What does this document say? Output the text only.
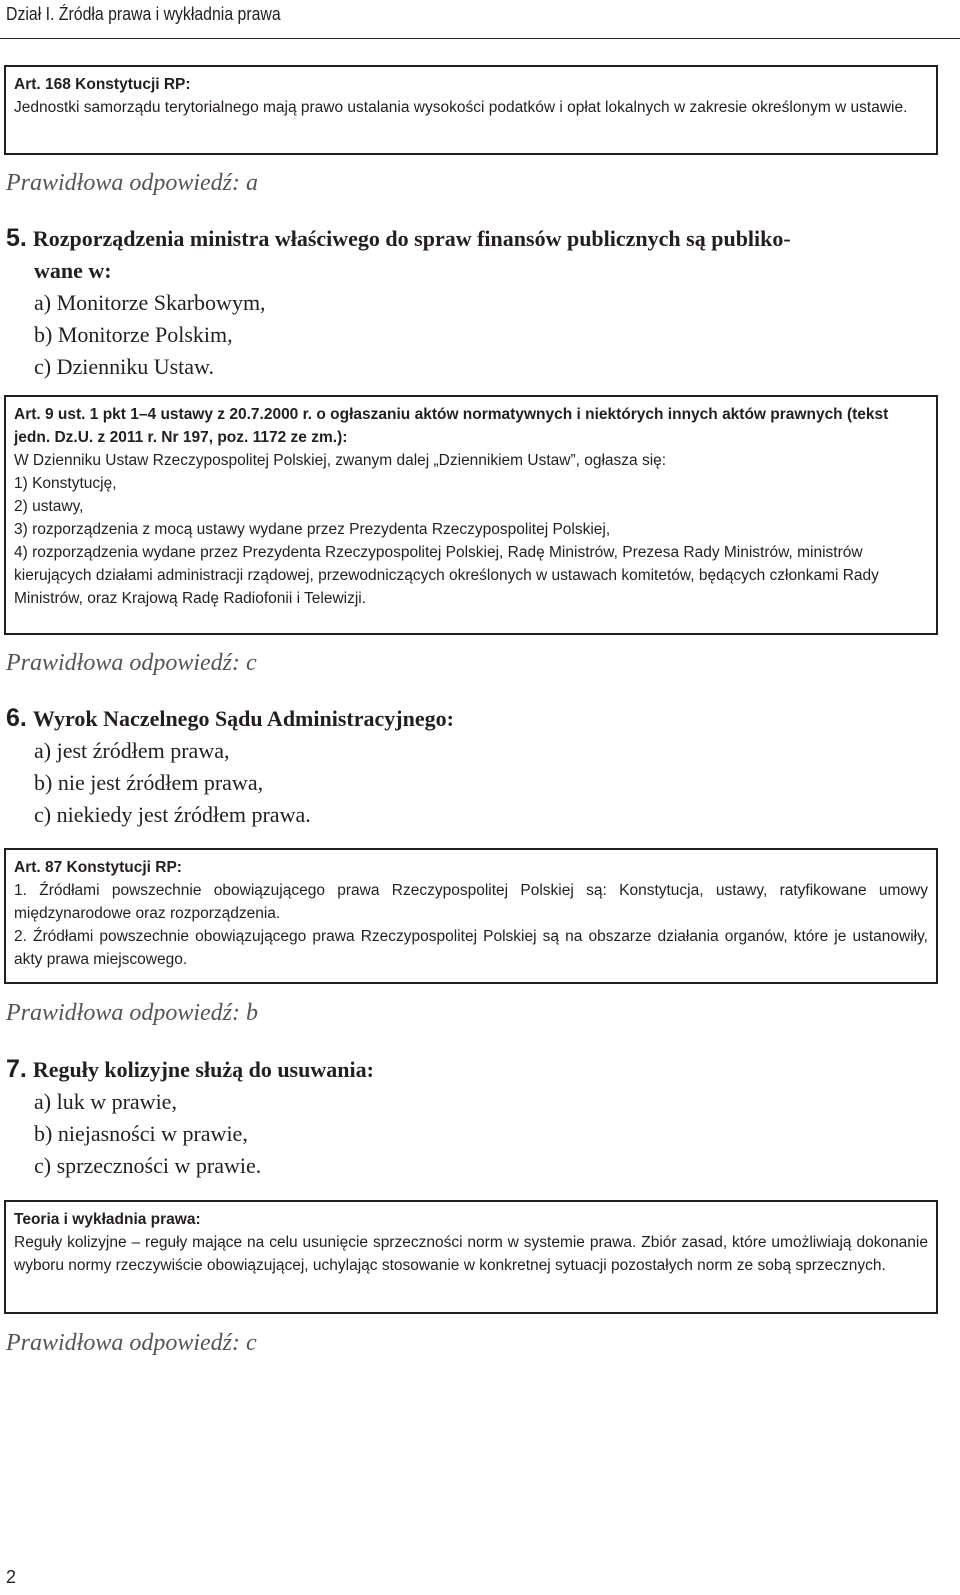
Dział I. Źródła prawa i wykładnia prawa
Art. 168 Konstytucji RP:
Jednostki samorządu terytorialnego mają prawo ustalania wysokości podatków i opłat lokalnych w zakresie określonym w ustawie.
Prawidłowa odpowiedź: a
5. Rozporządzenia ministra właściwego do spraw finansów publicznych są publiko-
wane w:
a) Monitorze Skarbowym,
b) Monitorze Polskim,
c) Dzienniku Ustaw.
Art. 9 ust. 1 pkt 1–4 ustawy z 20.7.2000 r. o ogłaszaniu aktów normatywnych i niektórych innych aktów prawnych (tekst jedn. Dz.U. z 2011 r. Nr 197, poz. 1172 ze zm.):
W Dzienniku Ustaw Rzeczypospolitej Polskiej, zwanym dalej „Dziennikiem Ustaw”, ogłasza się:
1) Konstytucję,
2) ustawy,
3) rozporządzenia z mocą ustawy wydane przez Prezydenta Rzeczypospolitej Polskiej,
4) rozporządzenia wydane przez Prezydenta Rzeczypospolitej Polskiej, Radę Ministrów, Prezesa Rady Ministrów, ministrów kierujących działami administracji rządowej, przewodniczących określonych w ustawach komitetów, będących członkami Rady Ministrów, oraz Krajową Radę Radiofonii i Telewizji.
Prawidłowa odpowiedź: c
6. Wyrok Naczelnego Sądu Administracyjnego:
a) jest źródłem prawa,
b) nie jest źródłem prawa,
c) niekiedy jest źródłem prawa.
Art. 87 Konstytucji RP:
1. Źródłami powszechnie obowiązującego prawa Rzeczypospolitej Polskiej są: Konstytucja, ustawy, ratyfikowane umowy międzynarodowe oraz rozporządzenia.
2. Źródłami powszechnie obowiązującego prawa Rzeczypospolitej Polskiej są na obszarze działania organów, które je ustanowiły, akty prawa miejscowego.
Prawidłowa odpowiedź: b
7. Reguły kolizyjne służą do usuwania:
a) luk w prawie,
b) niejasności w prawie,
c) sprzeczności w prawie.
Teoria i wykładnia prawa:
Reguły kolizyjne – reguły mające na celu usunięcie sprzeczności norm w systemie prawa. Zbiór zasad, które umożliwiają dokonanie wyboru normy rzeczywiście obowiązującej, uchylając stosowanie w konkretnej sytuacji pozostałych norm ze sobą sprzecznych.
Prawidłowa odpowiedź: c
2
